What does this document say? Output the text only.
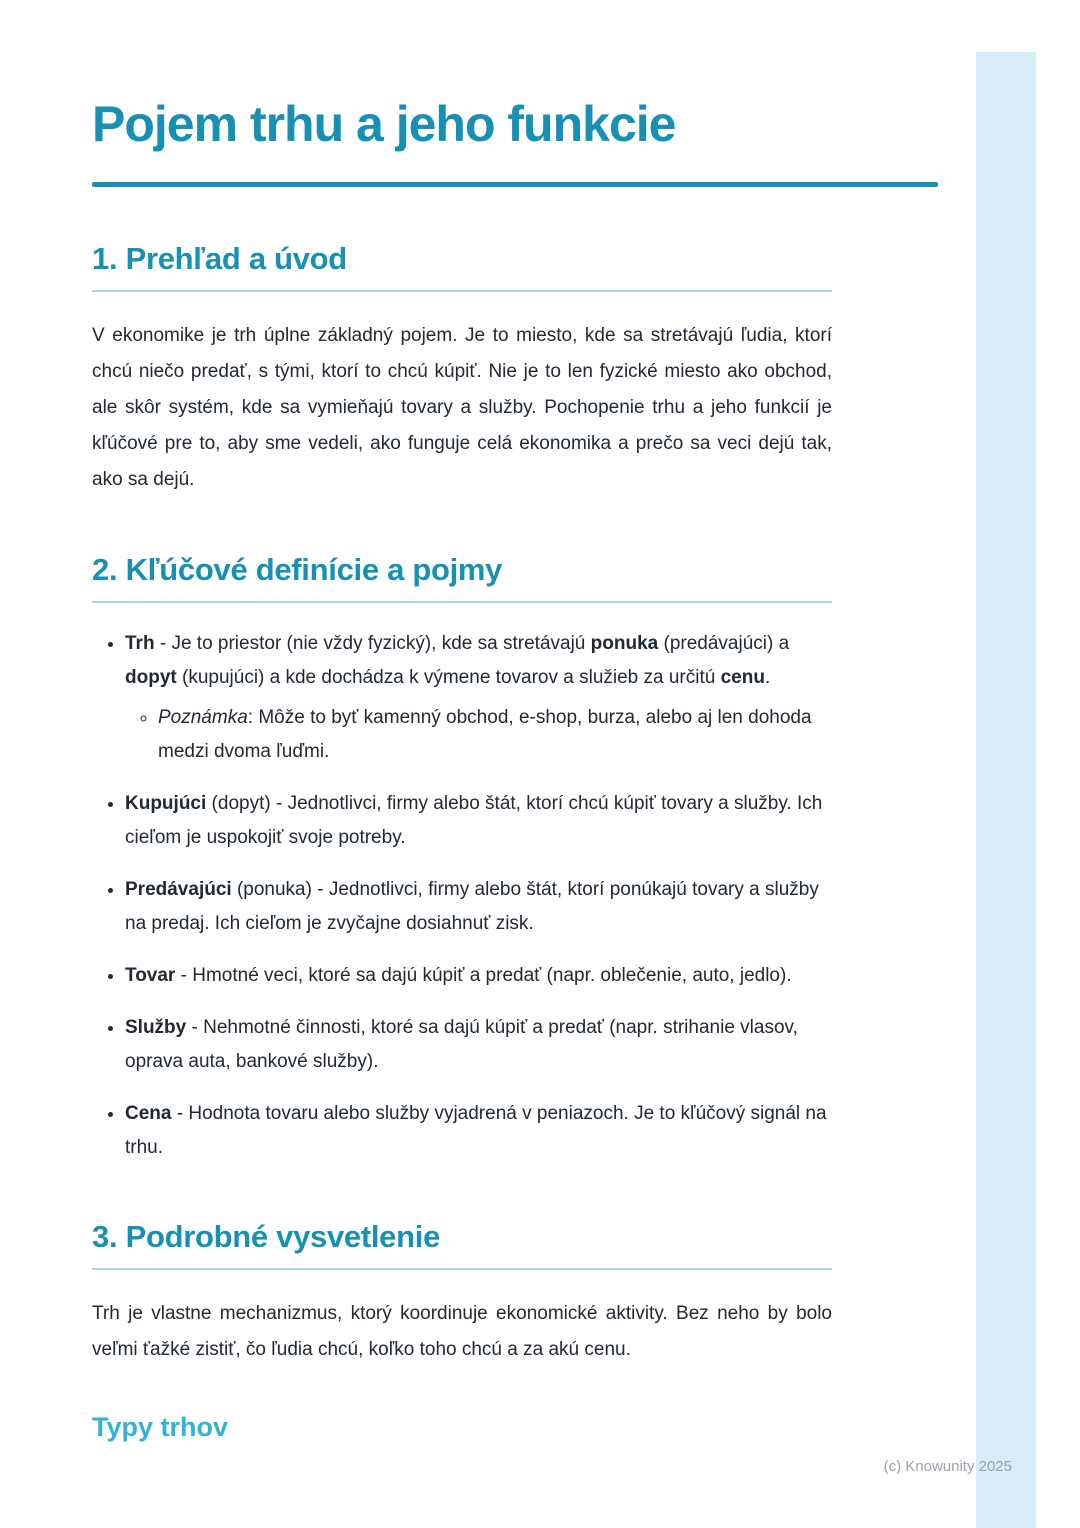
Pojem trhu a jeho funkcie
1. Prehľad a úvod

V ekonomike je trh úplne základný pojem. Je to miesto, kde sa stretávajú ľudia, ktorí chcú niečo predať, s tými, ktorí to chcú kúpiť. Nie je to len fyzické miesto ako obchod, ale skôr systém, kde sa vymieňajú tovary a služby. Pochopenie trhu a jeho funkcií je kľúčové pre to, aby sme vedeli, ako funguje celá ekonomika a prečo sa veci dejú tak, ako sa dejú.

2. Kľúčové definície a pojmy
• Trh - Je to priestor (nie vždy fyzický), kde sa stretávajú ponuka (predávajúci) a dopyt (kupujúci) a kde dochádza k výmene tovarov a služieb za určitú cenu.
◦ Poznámka: Môže to byť kamenný obchod, e-shop, burza, alebo aj len dohoda medzi dvoma ľuďmi.
• Kupujúci (dopyt) - Jednotlivci, firmy alebo štát, ktorí chcú kúpiť tovary a služby. Ich cieľom je uspokojiť svoje potreby.
• Predávajúci (ponuka) - Jednotlivci, firmy alebo štát, ktorí ponúkajú tovary a služby na predaj. Ich cieľom je zvyčajne dosiahnuť zisk.
• Tovar - Hmotné veci, ktoré sa dajú kúpiť a predať (napr. oblečenie, auto, jedlo).
• Služby - Nehmotné činnosti, ktoré sa dajú kúpiť a predať (napr. strihanie vlasov, oprava auta, bankové služby).
• Cena - Hodnota tovaru alebo služby vyjadrená v peniazoch. Je to kľúčový signál na trhu.
3. Podrobné vysvetlenie

Trh je vlastne mechanizmus, ktorý koordinuje ekonomické aktivity. Bez neho by bolo veľmi ťažké zistiť, čo ľudia chcú, koľko toho chcú a za akú cenu.

Typy trhov
(c) Knowunity 2025
